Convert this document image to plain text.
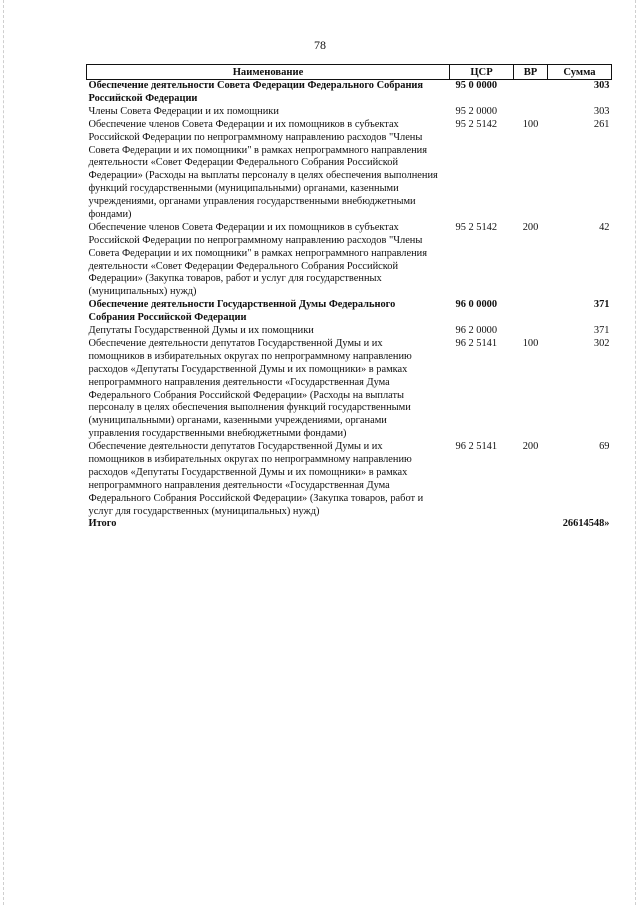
78
Наименование	ЦСР	ВР	Сумма
Обеспечение деятельности Совета Федерации Федерального Собрания Российской Федерации	95 0 0000		303
Члены Совета Федерации и их помощники	95 2 0000		303
Обеспечение членов Совета Федерации и их помощников в субъектах Российской Федерации по непрограммному направлению расходов "Члены Совета Федерации и их помощники" в рамках непрограммного направления деятельности «Совет Федерации Федерального Собрания Российской Федерации» (Расходы на выплаты персоналу в целях обеспечения выполнения функций государственными (муниципальными) органами, казенными учреждениями, органами управления государственными внебюджетными фондами)	95 2 5142	100	261
Обеспечение членов Совета Федерации и их помощников в субъектах Российской Федерации по непрограммному направлению расходов "Члены Совета Федерации и их помощники" в рамках непрограммного направления деятельности «Совет Федерации Федерального Собрания Российской Федерации» (Закупка товаров, работ и услуг для государственных (муниципальных) нужд)	95 2 5142	200	42
Обеспечение деятельности Государственной Думы Федерального Собрания Российской Федерации	96 0 0000		371
Депутаты Государственной Думы и их помощники	96 2 0000		371
Обеспечение деятельности депутатов Государственной Думы и их помощников в избирательных округах по непрограммному направлению расходов «Депутаты Государственной Думы и их помощники» в рамках непрограммного направления деятельности «Государственная Дума Федерального Собрания Российской Федерации» (Расходы на выплаты персоналу в целях обеспечения выполнения функций государственными (муниципальными) органами, казенными учреждениями, органами управления государственными внебюджетными фондами)	96 2 5141	100	302
Обеспечение деятельности депутатов Государственной Думы и их помощников в избирательных округах по непрограммному направлению расходов «Депутаты Государственной Думы и их помощники» в рамках непрограммного направления деятельности «Государственная Дума Федерального Собрания Российской Федерации» (Закупка товаров, работ и услуг для государственных (муниципальных) нужд)	96 2 5141	200	69
Итого			26614548»
